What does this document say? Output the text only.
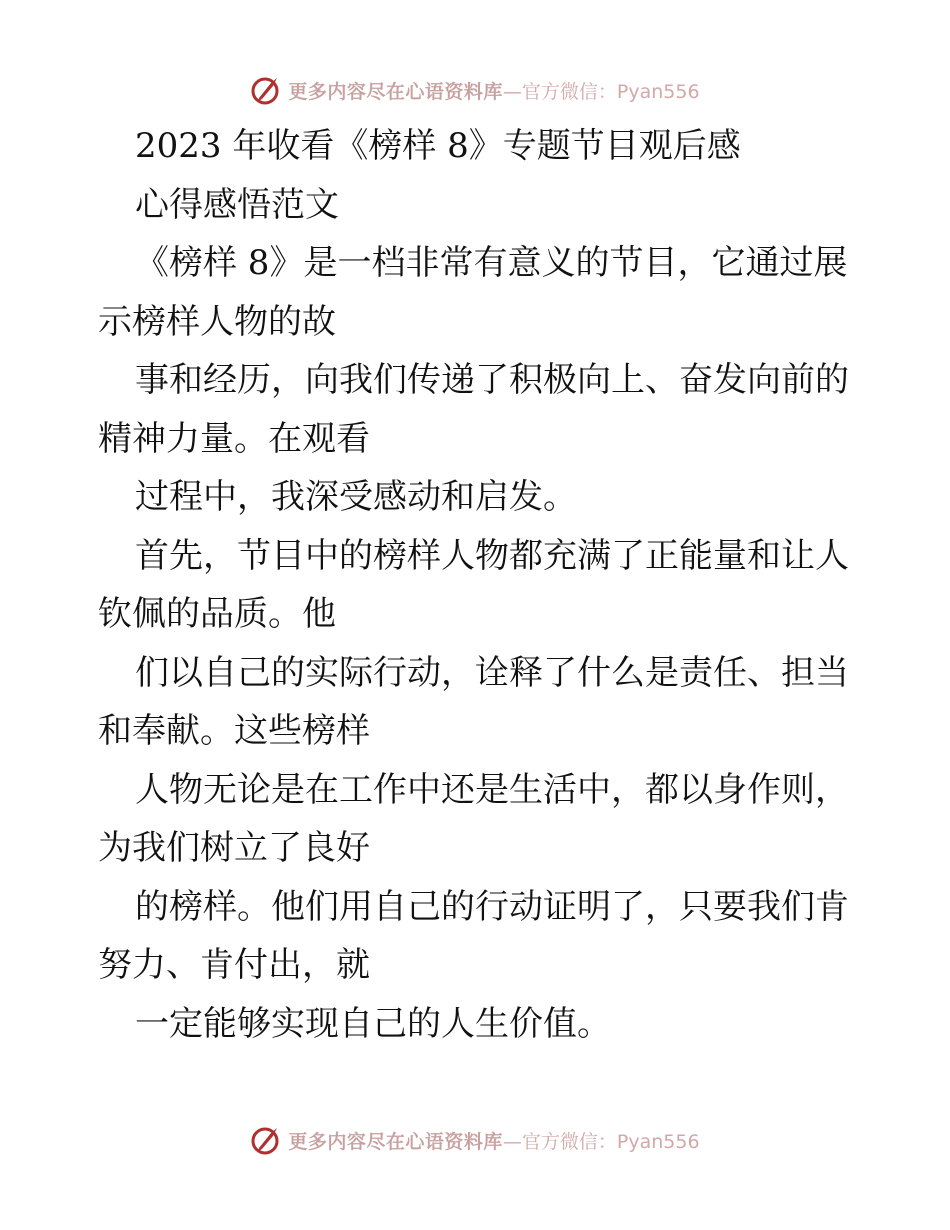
更多内容尽在心语资料库 —官方微信：Pyan556
2023 年收看《榜样 8》专题节目观后感
心得感悟范文
《榜样 8》是一档非常有意义的节目，它通过展
示榜样人物的故
事和经历，向我们传递了积极向上、奋发向前的
精神力量。在观看
过程中，我深受感动和启发。
首先，节目中的榜样人物都充满了正能量和让人
钦佩的品质。他
们以自己的实际行动，诠释了什么是责任、担当
和奉献。这些榜样
人物无论是在工作中还是生活中，都以身作则，
为我们树立了良好
的榜样。他们用自己的行动证明了，只要我们肯
努力、肯付出，就
一定能够实现自己的人生价值。
更多内容尽在心语资料库 —官方微信：Pyan556
